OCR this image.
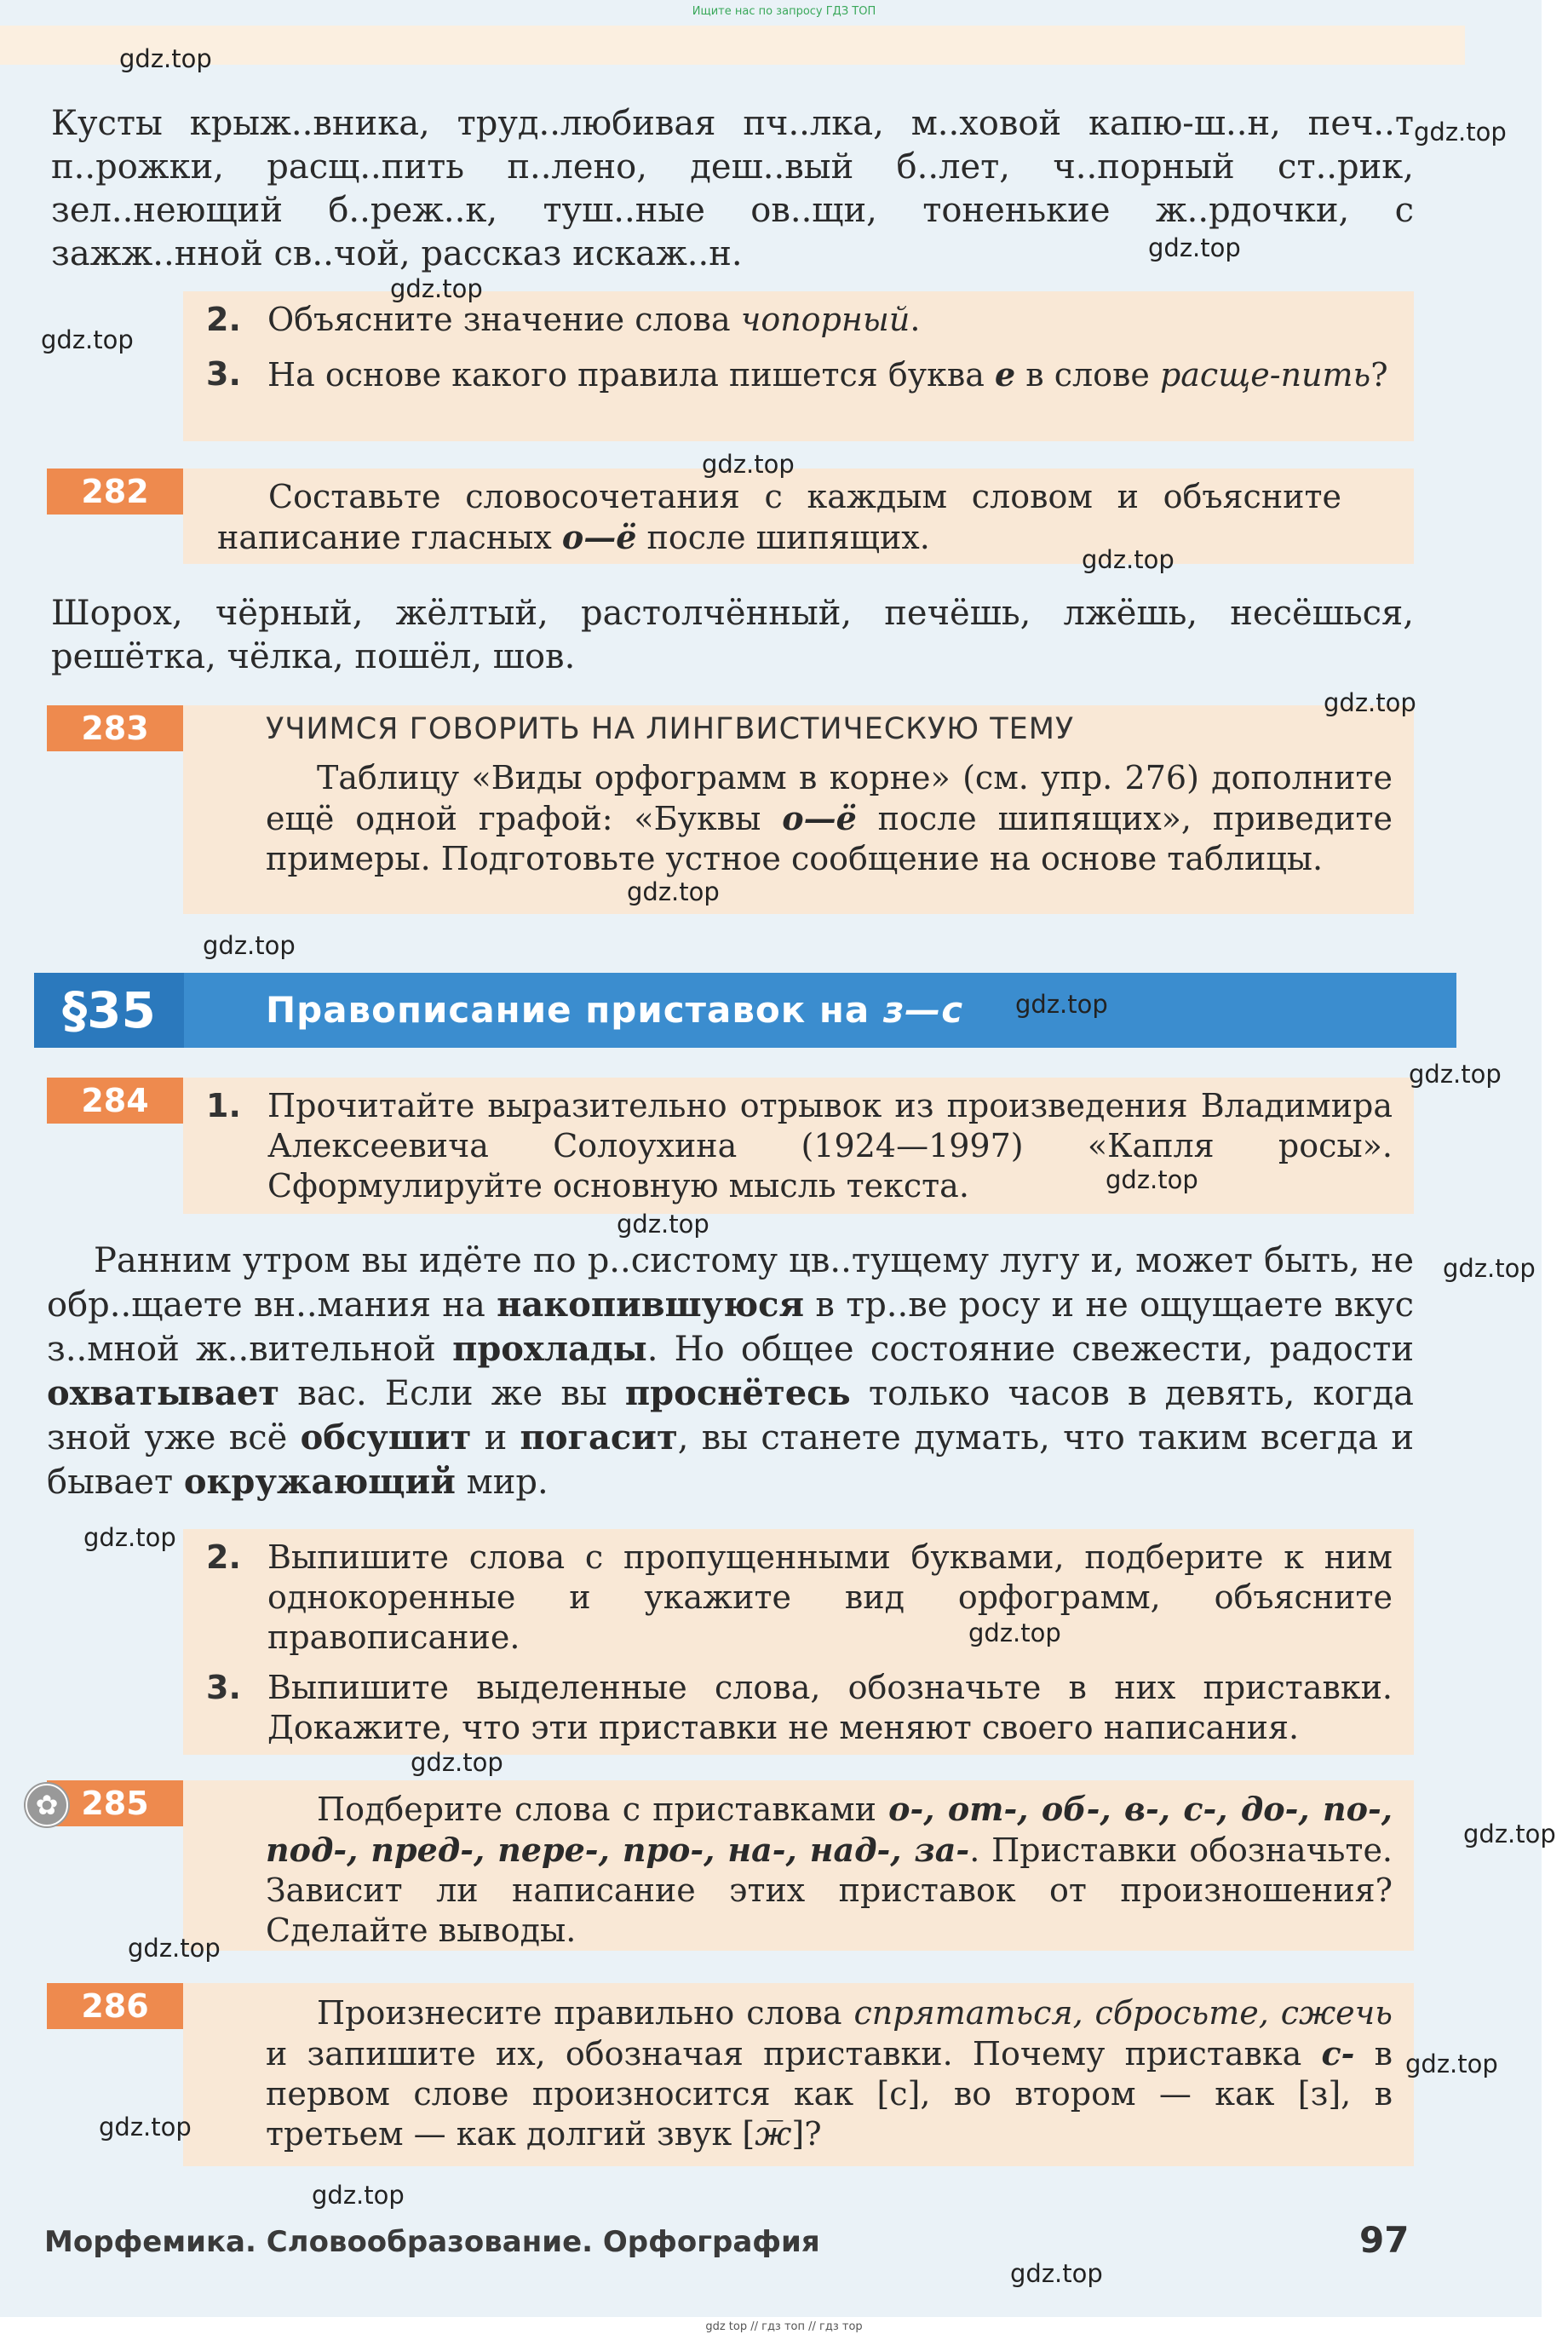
Ищите нас по запросу ГДЗ ТОП
Кусты крыж..вника, труд..любивая пч..лка, м..ховой капю-ш..н, печ..т п..рожки, расщ..пить п..лено, деш..вый б..лет, ч..порный ст..рик, зел..неющий б..реж..к, туш..ные ов..щи, тоненькие ж..рдочки, с зажж..нной св..чой, рассказ искаж..н.
2. Объясните значение слова чопорный.
3. На основе какого правила пишется буква е в слове расще-пить?
282	Составьте словосочетания с каждым словом и объясните написание гласных о—ё после шипящих.
Шорох, чёрный, жёлтый, растолчённый, печёшь, лжёшь, несёшься, решётка, чёлка, пошёл, шов.
283	УЧИМСЯ ГОВОРИТЬ НА ЛИНГВИСТИЧЕСКУЮ ТЕМУ
Таблицу «Виды орфограмм в корне» (см. упр. 276) дополните ещё одной графой: «Буквы о—ё после шипящих», приведите примеры. Подготовьте устное сообщение на основе таблицы.
§35	Правописание приставок на з—с
284	1. Прочитайте выразительно отрывок из произведения Владимира Алексеевича Солоухина (1924—1997) «Капля росы». Сформулируйте основную мысль текста.
Ранним утром вы идёте по р..систому цв..тущему лугу и, может быть, не обр..щаете вн..мания на накопившуюся в тр..ве росу и не ощущаете вкус з..мной ж..вительной прохлады. Но общее состояние свежести, радости охватывает вас. Если же вы проснётесь только часов в девять, когда зной уже всё обсушит и погасит, вы станете думать, что таким всегда и бывает окружающий мир.
2. Выпишите слова с пропущенными буквами, подберите к ним однокоренные и укажите вид орфограмм, объясните правописание.
3. Выпишите выделенные слова, обозначьте в них приставки. Докажите, что эти приставки не меняют своего написания.
285
✿	Подберите слова с приставками о-, от-, об-, в-, с-, до-, по-, под-, пред-, пере-, про-, на-, над-, за-. Приставки обозначьте. Зависит ли написание этих приставок от произношения? Сделайте выводы.
286	Произнесите правильно слова спрятаться, сбросьте, сжечь и запишите их, обозначая приставки. Почему приставка с- в первом слове произносится как [с], во втором — как [з], в третьем — как долгий звук [ж̅]?
Морфемика. Словообразование. Орфография	97
gdz top // гдз топ // гдз тор
gdz.top
gdz.top
gdz.top
gdz.top
gdz.top
gdz.top
gdz.top
gdz.top
gdz.top
gdz.top
gdz.top
gdz.top
gdz.top
gdz.top
gdz.top
gdz.top
gdz.top
gdz.top
gdz.top
gdz.top
gdz.top
gdz.top
gdz.top
gdz.top
